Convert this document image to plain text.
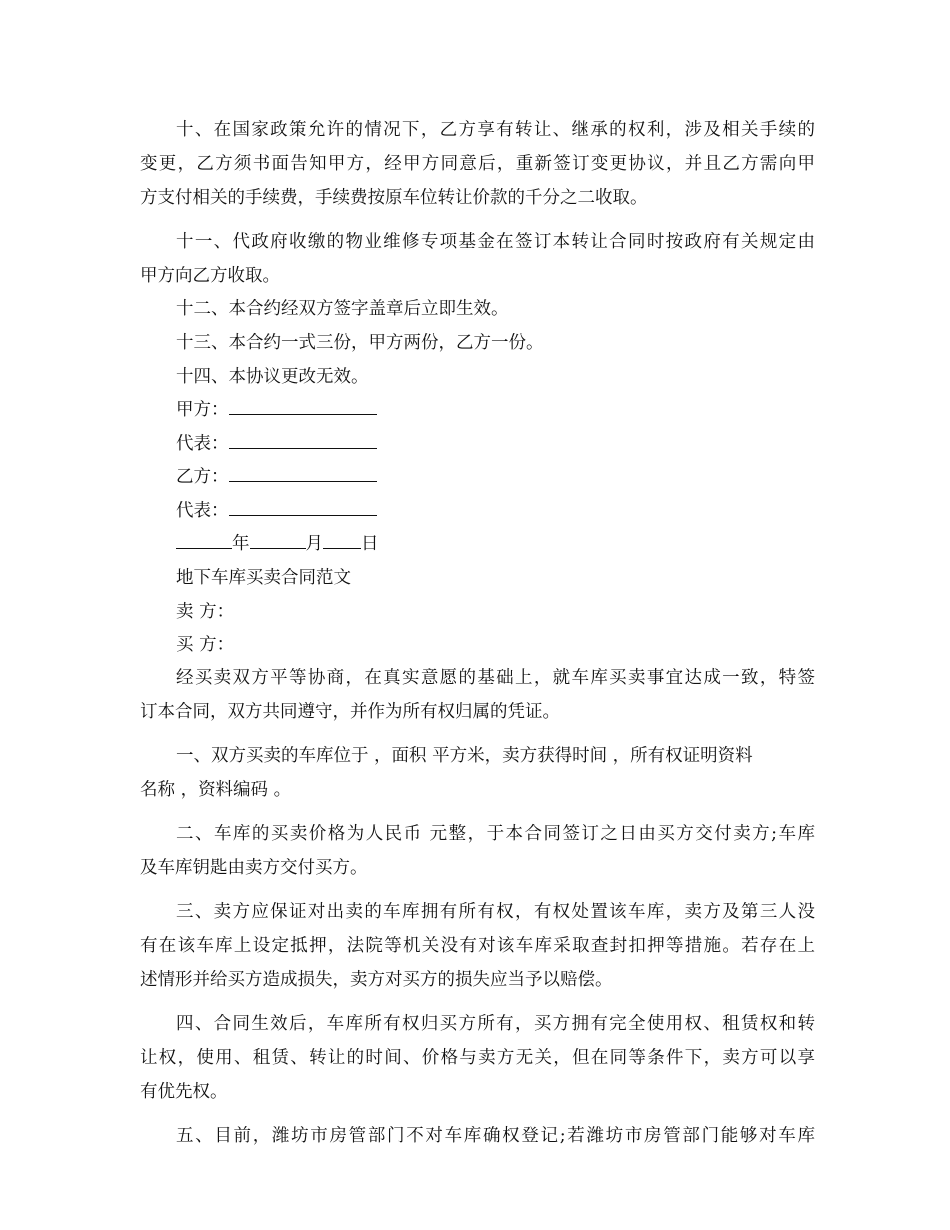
十、在国家政策允许的情况下，乙方享有转让、继承的权利，涉及相关手续的

变更，乙方须书面告知甲方，经甲方同意后，重新签订变更协议，并且乙方需向甲

方支付相关的手续费，手续费按原车位转让价款的千分之二收取。

十一、代政府收缴的物业维修专项基金在签订本转让合同时按政府有关规定由

甲方向乙方收取。

十二、本合约经双方签字盖章后立即生效。

十三、本合约一式三份，甲方两份，乙方一份。

十四、本协议更改无效。

甲方：
代表：
乙方：
代表：
年	月 日

地下车库买卖合同范文

卖 方：

买 方：

经买卖双方平等协商，在真实意愿的基础上，就车库买卖事宜达成一致，特签

订本合同，双方共同遵守，并作为所有权归属的凭证。

一、双方买卖的车库位于 ，面积 平方米，卖方获得时间 ，所有权证明资料

名称 ，资料编码 。

二、车库的买卖价格为人民币 元整，于本合同签订之日由买方交付卖方;车库

及车库钥匙由卖方交付买方。

三、卖方应保证对出卖的车库拥有所有权，有权处置该车库，卖方及第三人没

有在该车库上设定抵押，法院等机关没有对该车库采取查封扣押等措施。若存在上

述情形并给买方造成损失，卖方对买方的损失应当予以赔偿。

四、合同生效后，车库所有权归买方所有，买方拥有完全使用权、租赁权和转

让权，使用、租赁、转让的时间、价格与卖方无关，但在同等条件下，卖方可以享

有优先权。

五、目前，潍坊市房管部门不对车库确权登记;若潍坊市房管部门能够对车库
